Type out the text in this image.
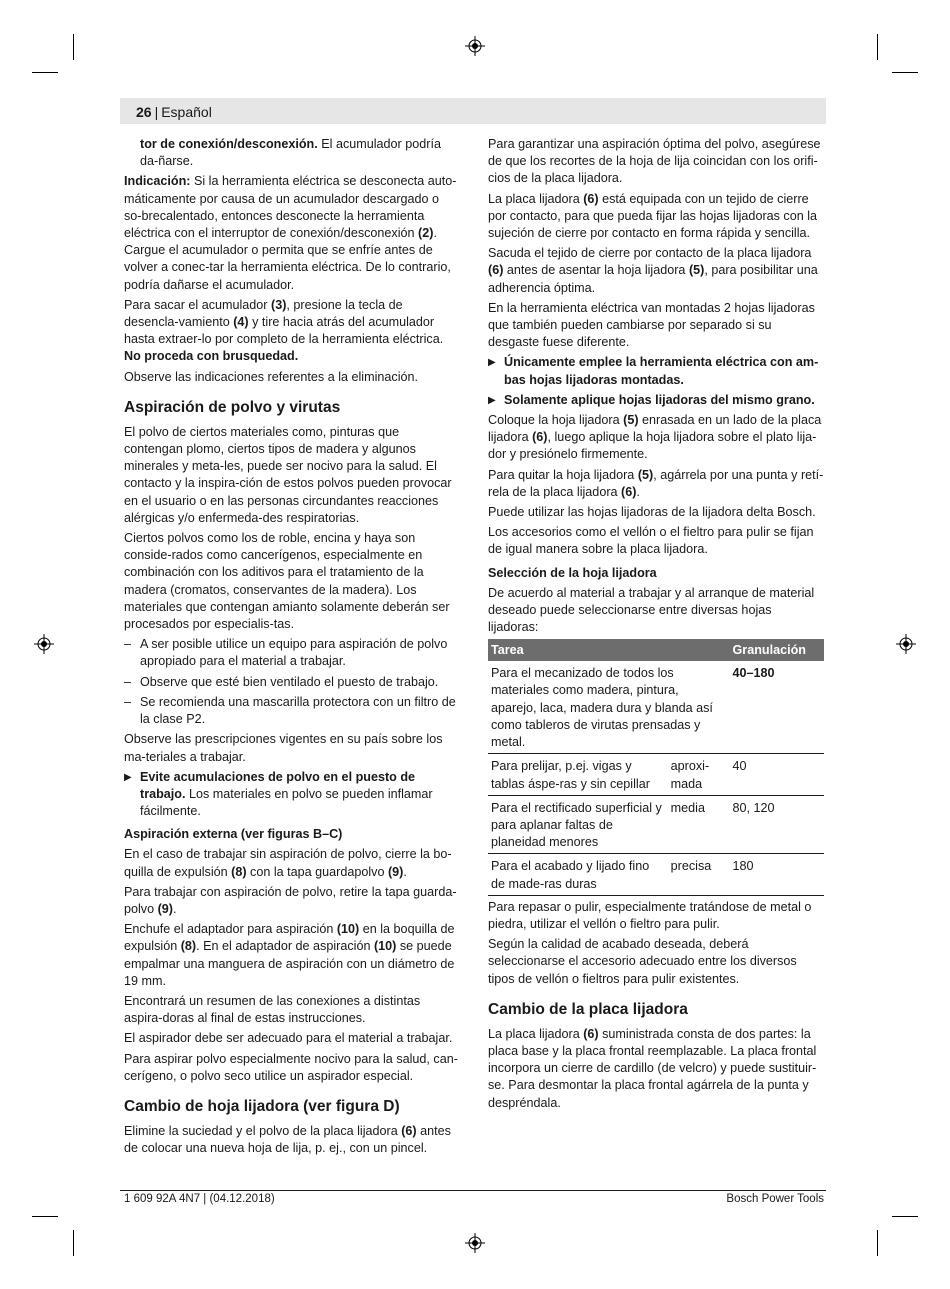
26 | Español

tor de conexión/desconexión. El acumulador podría da-ñarse.

Indicación: Si la herramienta eléctrica se desconecta auto-máticamente por causa de un acumulador descargado o so-brecalentado, entonces desconecte la herramienta eléctrica con el interruptor de conexión/desconexión (2). Cargue el acumulador o permita que se enfríe antes de volver a conec-tar la herramienta eléctrica. De lo contrario, podría dañarse el acumulador.

Para sacar el acumulador (3), presione la tecla de desencla-vamiento (4) y tire hacia atrás del acumulador hasta extraer-lo por completo de la herramienta eléctrica. No proceda con brusquedad.

Observe las indicaciones referentes a la eliminación.

Aspiración de polvo y virutas

El polvo de ciertos materiales como, pinturas que contengan plomo, ciertos tipos de madera y algunos minerales y meta-les, puede ser nocivo para la salud. El contacto y la inspira-ción de estos polvos pueden provocar en el usuario o en las personas circundantes reacciones alérgicas y/o enfermeda-des respiratorias.

Ciertos polvos como los de roble, encina y haya son conside-rados como cancerígenos, especialmente en combinación con los aditivos para el tratamiento de la madera (cromatos, conservantes de la madera). Los materiales que contengan amianto solamente deberán ser procesados por especialis-tas.

– A ser posible utilice un equipo para aspiración de polvo apropiado para el material a trabajar.
– Observe que esté bien ventilado el puesto de trabajo.
– Se recomienda una mascarilla protectora con un filtro de la clase P2.

Observe las prescripciones vigentes en su país sobre los ma-teriales a trabajar.

▶ Evite acumulaciones de polvo en el puesto de trabajo. Los materiales en polvo se pueden inflamar fácilmente.
Aspiración externa (ver figuras B–C)

En el caso de trabajar sin aspiración de polvo, cierre la bo-quilla de expulsión (8) con la tapa guardapolvo (9).

Para trabajar con aspiración de polvo, retire la tapa guarda-polvo (9).

Enchufe el adaptador para aspiración (10) en la boquilla de expulsión (8). En el adaptador de aspiración (10) se puede empalmar una manguera de aspiración con un diámetro de 19 mm.

Encontrará un resumen de las conexiones a distintas aspira-doras al final de estas instrucciones.

El aspirador debe ser adecuado para el material a trabajar.

Para aspirar polvo especialmente nocivo para la salud, can-cerígeno, o polvo seco utilice un aspirador especial.

Cambio de hoja lijadora (ver figura D)

Elimine la suciedad y el polvo de la placa lijadora (6) antes de colocar una nueva hoja de lija, p. ej., con un pincel.

Para garantizar una aspiración óptima del polvo, asegúrese de que los recortes de la hoja de lija coincidan con los orifi-cios de la placa lijadora.

La placa lijadora (6) está equipada con un tejido de cierre por contacto, para que pueda fijar las hojas lijadoras con la sujeción de cierre por contacto en forma rápida y sencilla.

Sacuda el tejido de cierre por contacto de la placa lijadora (6) antes de asentar la hoja lijadora (5), para posibilitar una adherencia óptima.

En la herramienta eléctrica van montadas 2 hojas lijadoras que también pueden cambiarse por separado si su desgaste fuese diferente.

▶ Únicamente emplee la herramienta eléctrica con am-bas hojas lijadoras montadas.
▶ Solamente aplique hojas lijadoras del mismo grano.

Coloque la hoja lijadora (5) enrasada en un lado de la placa lijadora (6), luego aplique la hoja lijadora sobre el plato lija-dor y presiónelo firmemente.

Para quitar la hoja lijadora (5), agárrela por una punta y retí-rela de la placa lijadora (6).

Puede utilizar las hojas lijadoras de la lijadora delta Bosch.

Los accesorios como el vellón o el fieltro para pulir se fijan de igual manera sobre la placa lijadora.

Selección de la hoja lijadora

De acuerdo al material a trabajar y al arranque de material deseado puede seleccionarse entre diversas hojas lijadoras:

Tarea		Granulación
Para el mecanizado de todos los materiales como madera, pintura, aparejo, laca, madera dura y blanda así como tableros de virutas prensadas y metal.		40–180
Para prelijar, p.ej. vigas y tablas áspe-ras y sin cepillar	aproxi-mada	40
Para el rectificado superficial y para aplanar faltas de planeidad menores	media	80, 120
Para el acabado y lijado fino de made-ras duras	precisa	180

Para repasar o pulir, especialmente tratándose de metal o piedra, utilizar el vellón o fieltro para pulir.

Según la calidad de acabado deseada, deberá seleccionarse el accesorio adecuado entre los diversos tipos de vellón o fieltros para pulir existentes.

Cambio de la placa lijadora

La placa lijadora (6) suministrada consta de dos partes: la placa base y la placa frontal reemplazable. La placa frontal incorpora un cierre de cardillo (de velcro) y puede sustituir-se. Para desmontar la placa frontal agárrela de la punta y despréndala.

1 609 92A 4N7 | (04.12.2018)	Bosch Power Tools
